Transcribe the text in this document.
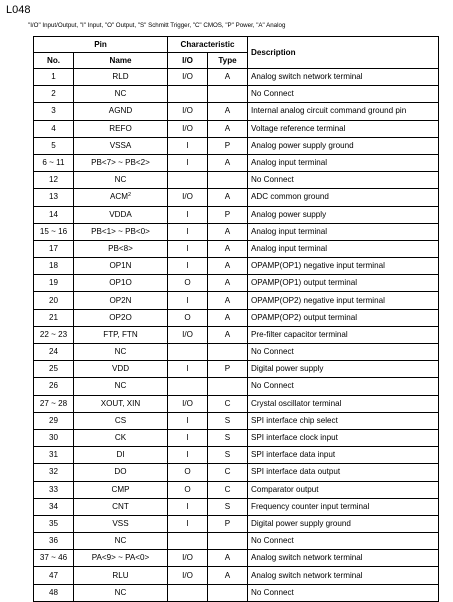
L048
"I/O" Input/Output, "I" Input, "O" Output, "S" Schmitt Trigger, "C" CMOS, "P" Power, "A" Analog
Pin		Characteristic		Description
No.	Name	I/O	Type	
1	RLD	I/O	A	Analog switch network terminal
2	NC			No Connect
3	AGND	I/O	A	Internal analog circuit command ground pin
4	REFO	I/O	A	Voltage reference terminal
5	VSSA	I	P	Analog power supply ground
6 ~ 11	PB<7> ~ PB<2>	I	A	Analog input terminal
12	NC			No Connect
13	ACM$^2$	I/O	A	ADC common ground
14	VDDA	I	P	Analog power supply
15 ~ 16	PB<1> ~ PB<0>	I	A	Analog input terminal
17	PB<8>	I	A	Analog input terminal
18	OP1N	I	A	OPAMP(OP1) negative input terminal
19	OP1O	O	A	OPAMP(OP1) output terminal
20	OP2N	I	A	OPAMP(OP2) negative input terminal
21	OP2O	O	A	OPAMP(OP2) output terminal
22 ~ 23	FTP, FTN	I/O	A	Pre-filter capacitor terminal
24	NC			No Connect
25	VDD	I	P	Digital power supply
26	NC			No Connect
27 ~ 28	XOUT, XIN	I/O	C	Crystal oscillator terminal
29	CS	I	S	SPI interface chip select
30	CK	I	S	SPI interface clock input
31	DI	I	S	SPI interface data input
32	DO	O	C	SPI interface data output
33	CMP	O	C	Comparator output
34	CNT	I	S	Frequency counter input terminal
35	VSS	I	P	Digital power supply ground
36	NC			No Connect
37 ~ 46	PA<9> ~ PA<0>	I/O	A	Analog switch network terminal
47	RLU	I/O	A	Analog switch network terminal
48	NC			No Connect
